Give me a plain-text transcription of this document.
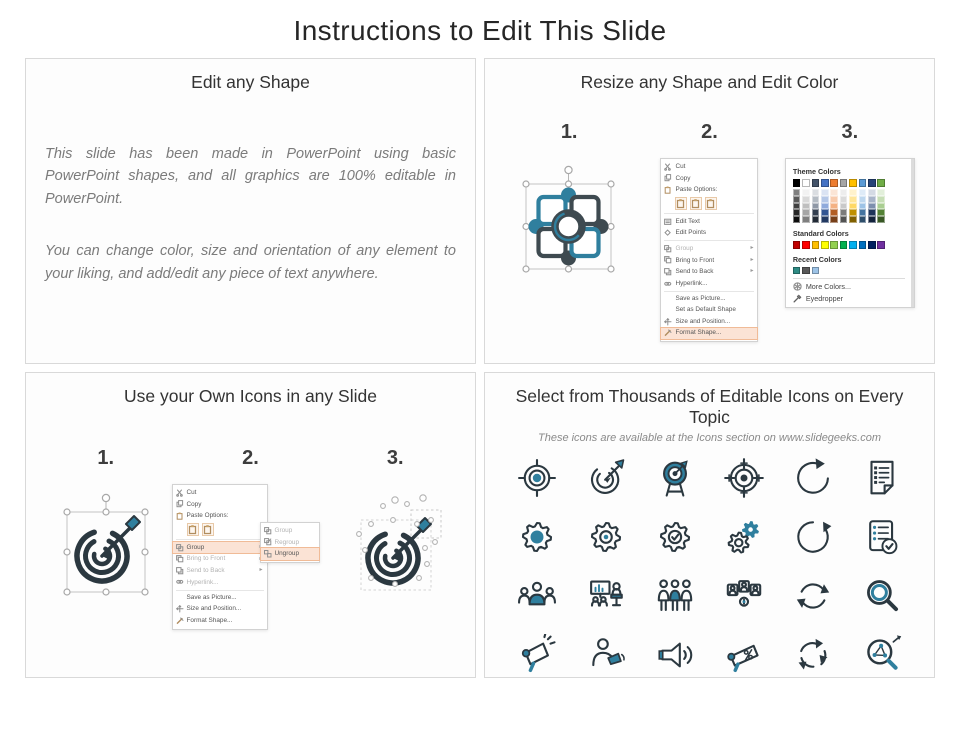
Instructions to Edit This Slide
Edit any Shape

This slide has been made in PowerPoint using basic PowerPoint shapes, and all graphics are 100% editable in PowerPoint.

You can change color, size and orientation of any element to your liking, and add/edit any piece of text anywhere.

Resize any Shape and Edit Color
1.	2.
Cut
Copy
Paste Options:
Edit Text
Edit Points
Group	▸
Bring to Front	▸
Send to Back	▸
Hyperlink...
Save as Picture...
Set as Default Shape
Size and Position...
Format Shape...
3.
Theme Colors
Standard Colors
Recent Colors
More Colors...
Eyedropper
Use your Own Icons in any Slide
1.	2.
Cut
Copy
Paste Options:
Group
Bring to Front
Send to Back	▸
Hyperlink...
Save as Picture...
Size and Position...
Format Shape...
Group
Regroup
Ungroup
3.
Select from Thousands of Editable Icons on Every Topic

These icons are available at the Icons section on www.slidegeeks.com
